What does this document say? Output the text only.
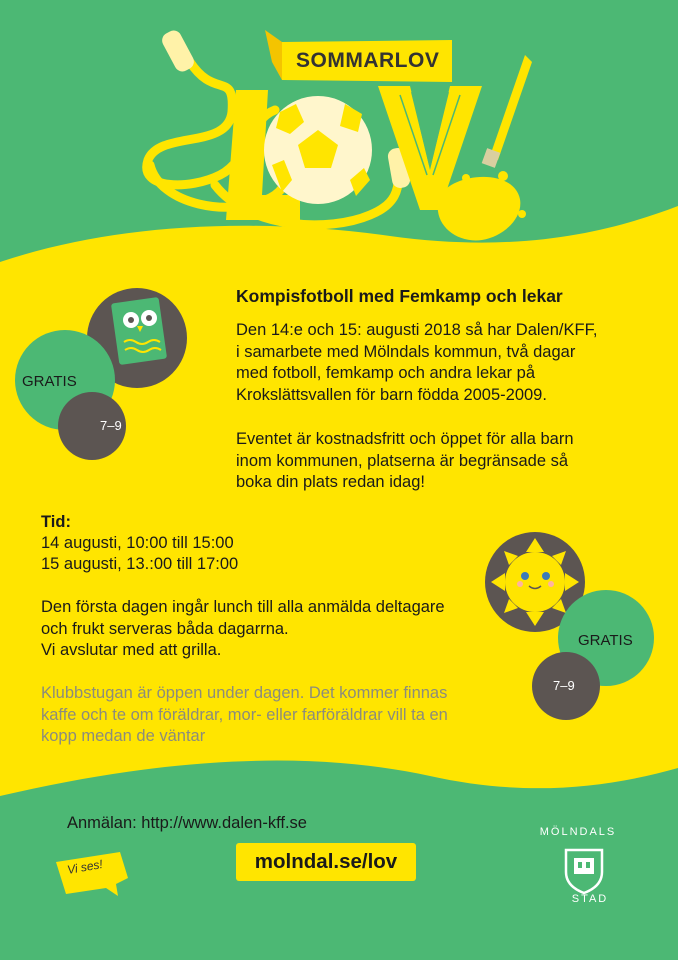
SOMMARLOV
GRATIS
7–9
GRATIS
7–9
Kompisfotboll med Femkamp och lekar
Den 14:e och 15: augusti 2018 så har Dalen/KFF,
i samarbete med Mölndals kommun, två dagar
med fotboll, femkamp och andra lekar på
Krokslättsvallen för barn födda 2005-2009.
Eventet är kostnadsfritt och öppet för alla barn
inom kommunen, platserna är begränsade så
boka din plats redan idag!
Tid:
14 augusti, 10:00 till 15:00
15 augusti, 13.:00 till 17:00
Den första dagen ingår lunch till alla anmälda deltagare
och frukt serveras båda dagarrna.
Vi avslutar med att grilla.
Klubbstugan är öppen under dagen. Det kommer finnas
kaffe och te om föräldrar, mor- eller farföräldrar vill ta en
kopp medan de väntar
Anmälan: http://www.dalen-kff.se
molndal.se/lov
Vi ses!
MÖLNDALS
STAD
